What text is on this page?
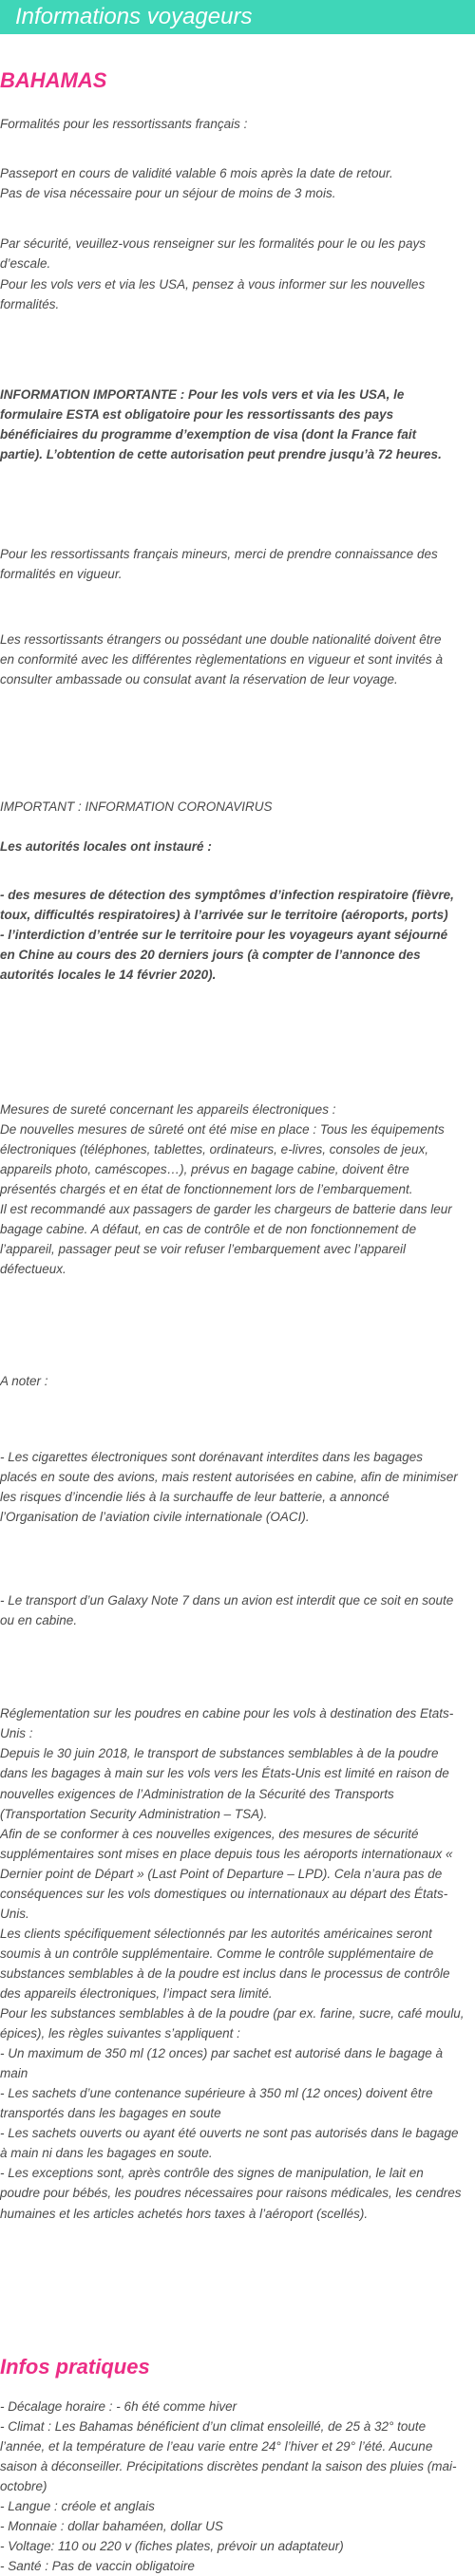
Informations voyageurs
BAHAMAS

Formalités pour les ressortissants français :

Passeport en cours de validité valable 6 mois après la date de retour.
Pas de visa nécessaire pour un séjour de moins de 3 mois.

Par sécurité, veuillez-vous renseigner sur les formalités pour le ou les pays
d’escale.
Pour les vols vers et via les USA, pensez à vous informer sur les nouvelles
formalités.

INFORMATION IMPORTANTE : Pour les vols vers et via les USA, le
formulaire ESTA est obligatoire pour les ressortissants des pays
bénéficiaires du programme d’exemption de visa (dont la France fait
partie). L’obtention de cette autorisation peut prendre jusqu’à 72 heures.

Pour les ressortissants français mineurs, merci de prendre connaissance des
formalités en vigueur.

Les ressortissants étrangers ou possédant une double nationalité doivent être
en conformité avec les différentes règlementations en vigueur et sont invités à
consulter ambassade ou consulat avant la réservation de leur voyage.

IMPORTANT : INFORMATION CORONAVIRUS

Les autorités locales ont instauré :

- des mesures de détection des symptômes d’infection respiratoire (fièvre,
toux, difficultés respiratoires) à l’arrivée sur le territoire (aéroports, ports)
- l’interdiction d’entrée sur le territoire pour les voyageurs ayant séjourné
en Chine au cours des 20 derniers jours (à compter de l’annonce des
autorités locales le 14 février 2020).

Mesures de sureté concernant les appareils électroniques :
De nouvelles mesures de sûreté ont été mise en place : Tous les équipements
électroniques (téléphones, tablettes, ordinateurs, e-livres, consoles de jeux,
appareils photo, caméscopes…), prévus en bagage cabine, doivent être
présentés chargés et en état de fonctionnement lors de l’embarquement.
Il est recommandé aux passagers de garder les chargeurs de batterie dans leur
bagage cabine. A défaut, en cas de contrôle et de non fonctionnement de
l’appareil, passager peut se voir refuser l’embarquement avec l’appareil
défectueux.

A noter :

- Les cigarettes électroniques sont dorénavant interdites dans les bagages
placés en soute des avions, mais restent autorisées en cabine, afin de minimiser
les risques d’incendie liés à la surchauffe de leur batterie, a annoncé
l’Organisation de l’aviation civile internationale (OACI).

- Le transport d’un Galaxy Note 7 dans un avion est interdit que ce soit en soute
ou en cabine.

Réglementation sur les poudres en cabine pour les vols à destination des Etats-
Unis :
Depuis le 30 juin 2018, le transport de substances semblables à de la poudre
dans les bagages à main sur les vols vers les États-Unis est limité en raison de
nouvelles exigences de l’Administration de la Sécurité des Transports
(Transportation Security Administration – TSA).
Afin de se conformer à ces nouvelles exigences, des mesures de sécurité
supplémentaires sont mises en place depuis tous les aéroports internationaux «
Dernier point de Départ » (Last Point of Departure – LPD). Cela n’aura pas de
conséquences sur les vols domestiques ou internationaux au départ des États-
Unis.
Les clients spécifiquement sélectionnés par les autorités américaines seront
soumis à un contrôle supplémentaire. Comme le contrôle supplémentaire de
substances semblables à de la poudre est inclus dans le processus de contrôle
des appareils électroniques, l’impact sera limité.
Pour les substances semblables à de la poudre (par ex. farine, sucre, café moulu,
épices), les règles suivantes s’appliquent :
- Un maximum de 350 ml (12 onces) par sachet est autorisé dans le bagage à
main
- Les sachets d’une contenance supérieure à 350 ml (12 onces) doivent être
transportés dans les bagages en soute
- Les sachets ouverts ou ayant été ouverts ne sont pas autorisés dans le bagage
à main ni dans les bagages en soute.
- Les exceptions sont, après contrôle des signes de manipulation, le lait en
poudre pour bébés, les poudres nécessaires pour raisons médicales, les cendres
humaines et les articles achetés hors taxes à l’aéroport (scellés).

Infos pratiques

- Décalage horaire : - 6h été comme hiver
- Climat : Les Bahamas bénéficient d’un climat ensoleillé, de 25 à 32° toute
l’année, et la température de l’eau varie entre 24° l’hiver et 29° l’été. Aucune
saison à déconseiller. Précipitations discrètes pendant la saison des pluies (mai-
octobre)
- Langue : créole et anglais
- Monnaie : dollar bahaméen, dollar US
- Voltage: 110 ou 220 v (fiches plates, prévoir un adaptateur)
- Santé : Pas de vaccin obligatoire
